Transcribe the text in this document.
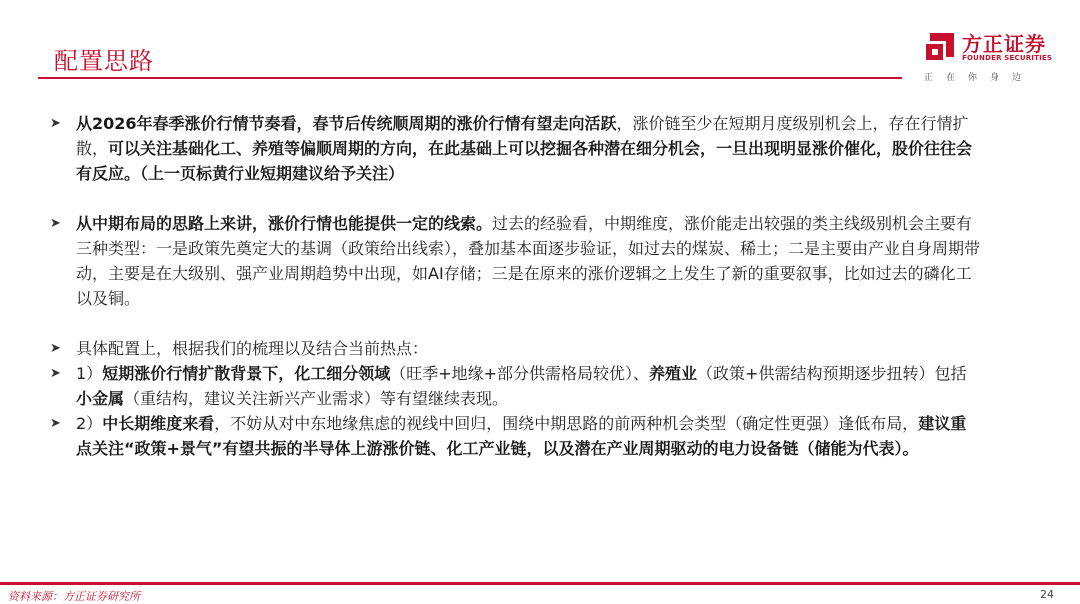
配置思路
方正证券
FOUNDER SECURITIES
正在你身边
➤ 从2026年春季涨价行情节奏看，春节后传统顺周期的涨价行情有望走向活跃，涨价链至少在短期月度级别机会上，存在行情扩散，可以关注基础化工、养殖等偏顺周期的方向，在此基础上可以挖掘各种潜在细分机会，一旦出现明显涨价催化，股价往往会有反应。（上一页标黄行业短期建议给予关注）
➤ 从中期布局的思路上来讲，涨价行情也能提供一定的线索。过去的经验看，中期维度，涨价能走出较强的类主线级别机会主要有三种类型：一是政策先奠定大的基调（政策给出线索），叠加基本面逐步验证，如过去的煤炭、稀土；二是主要由产业自身周期带动，主要是在大级别、强产业周期趋势中出现，如AI存储；三是在原来的涨价逻辑之上发生了新的重要叙事，比如过去的磷化工以及铜。
➤ 具体配置上，根据我们的梳理以及结合当前热点：
➤ 1）短期涨价行情扩散背景下，化工细分领域（旺季+地缘+部分供需格局较优）、养殖业（政策+供需结构预期逐步扭转）包括小金属（重结构，建议关注新兴产业需求）等有望继续表现。
➤ 2）中长期维度来看，不妨从对中东地缘焦虑的视线中回归，围绕中期思路的前两种机会类型（确定性更强）逢低布局，建议重点关注“政策+景气”有望共振的半导体上游涨价链、化工产业链，以及潜在产业周期驱动的电力设备链（储能为代表）。
资料来源：方正证券研究所	24
